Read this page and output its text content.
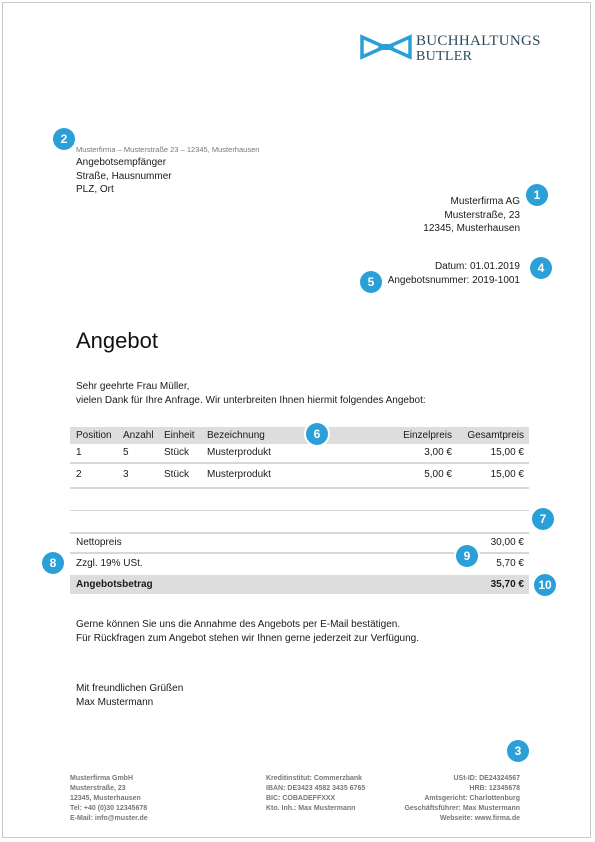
BUCHHALTUNGS
BUTLER
Musterfirma – Musterstraße 23 – 12345, Musterhausen
Angebotsempfänger
Straße, Hausnummer
PLZ, Ort
Musterfirma AG
Musterstraße, 23
12345, Musterhausen
Datum: 01.01.2019
Angebotsnummer: 2019-1001
Angebot
Sehr geehrte Frau Müller,
vielen Dank für Ihre Anfrage. Wir unterbreiten Ihnen hiermit folgendes Angebot:
Position Anzahl Einheit Bezeichnung	Einzelpreis	Gesamtpreis
1	5	Stück Musterprodukt	3,00 €	15,00 €
2	3	Stück Musterprodukt	5,00 €	15,00 €
Nettopreis	30,00 €
Zzgl. 19% USt.	5,70 €
Angebotsbetrag	35,70 €
Gerne können Sie uns die Annahme des Angebots per E-Mail bestätigen.
Für Rückfragen zum Angebot stehen wir Ihnen gerne jederzeit zur Verfügung.
Mit freundlichen Grüßen
Max Mustermann
Musterfirma GmbH
Musterstraße, 23
12345, Musterhausen
Tel: +40 (0)30 12345678
E-Mail: info@muster.de
Kreditinstitut: Commerzbank
IBAN: DE3423 4582 3435 6765
BIC: COBADEFFXXX
Kto. Inh.: Max Mustermann
USt-ID: DE24324567
HRB: 12345678
Amtsgericht: Charlottenburg
Geschäftsführer: Max Mustermann
Webseite: www.firma.de
1
2
3
4
5
6
7
8	9
10
